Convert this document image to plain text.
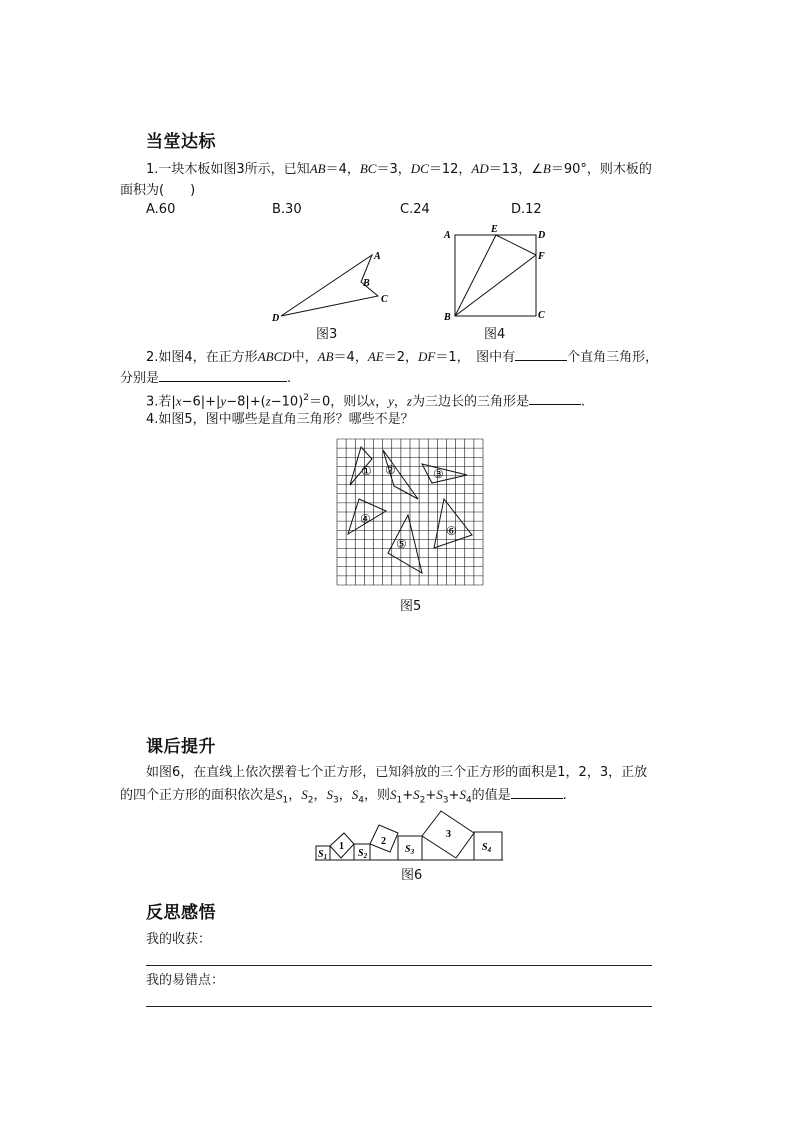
当堂达标
1.一块木板如图3所示，已知AB＝4，BC＝3，DC＝12，AD＝13，∠B＝90°，则木板的
面积为(　　)
A.60	B.30	C.24	D.12
A
B
C
D
图3
A
E
D
F
B	C
图4
2.如图4，在正方形ABCD中，AB＝4，AE＝2，DF＝1，　图中有	个直角三角形，
分别是	.
3.若$|x-6|+|y-8|+(z-10)^2=0$，则以x，y，z为三边长的三角形是	.
4.如图5，图中哪些是直角三角形？哪些不是？
① ②	③
④
⑤
⑥
图5
课后提升
如图6，在直线上依次摆着七个正方形，已知斜放的三个正方形的面积是1，2，3，正放
的四个正方形的面积依次是$S_1$，$S_2$，$S_3$，$S_4$，则$S_1+S_2+S_3+S_4$的值是	.
$S_1$
1
$S_2$
2
$S_3$
3
$S_4$
图6
反思感悟
我的收获：
我的易错点：
